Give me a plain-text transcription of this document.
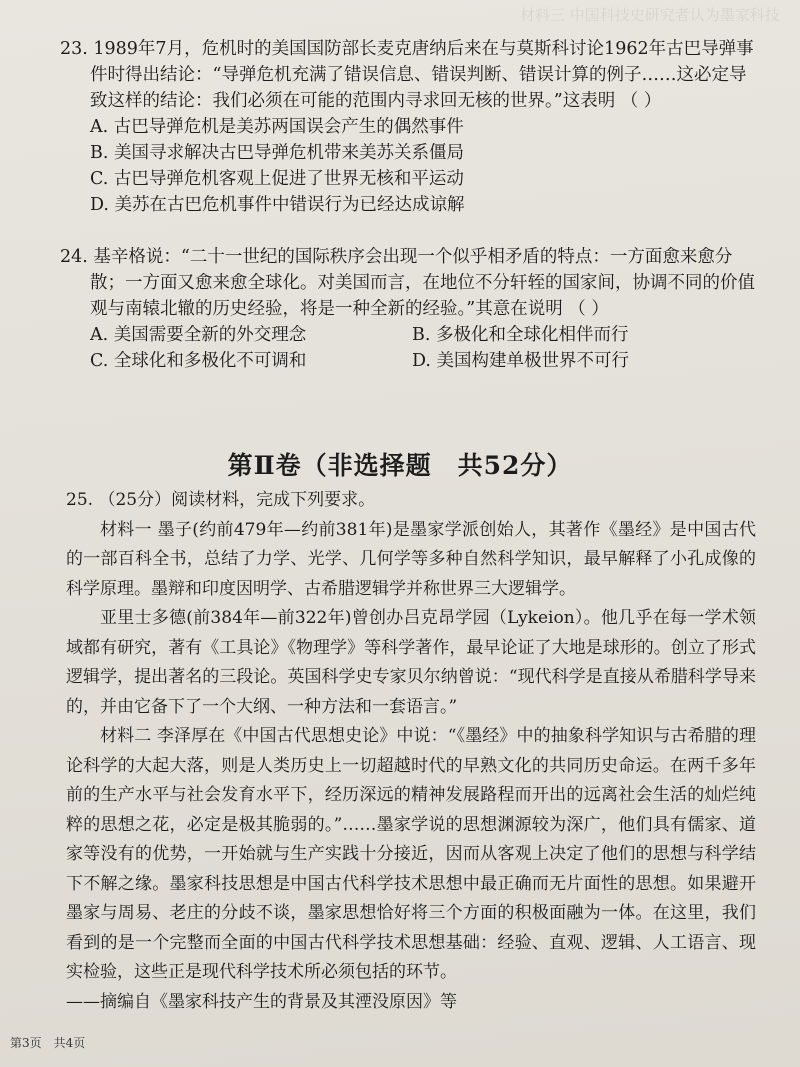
材料三 中国科技史研究者认为墨家科技
23. 1989年7月，危机时的美国国防部长麦克唐纳后来在与莫斯科讨论1962年古巴导弹事件时得出结论：“导弹危机充满了错误信息、错误判断、错误计算的例子……这必定导致这样的结论：我们必须在可能的范围内寻求回无核的世界。”这表明 （ ）
A. 古巴导弹危机是美苏两国误会产生的偶然事件
B. 美国寻求解决古巴导弹危机带来美苏关系僵局
C. 古巴导弹危机客观上促进了世界无核和平运动
D. 美苏在古巴危机事件中错误行为已经达成谅解
24. 基辛格说：“二十一世纪的国际秩序会出现一个似乎相矛盾的特点：一方面愈来愈分散；一方面又愈来愈全球化。对美国而言，在地位不分轩轾的国家间，协调不同的价值观与南辕北辙的历史经验，将是一种全新的经验。”其意在说明 （ ）
A. 美国需要全新的外交理念	B. 多极化和全球化相伴而行
C. 全球化和多极化不可调和	D. 美国构建单极世界不可行
第Ⅱ卷（非选择题　共52分）

25. （25分）阅读材料，完成下列要求。

材料一 墨子(约前479年—约前381年)是墨家学派创始人，其著作《墨经》是中国古代的一部百科全书，总结了力学、光学、几何学等多种自然科学知识，最早解释了小孔成像的科学原理。墨辩和印度因明学、古希腊逻辑学并称世界三大逻辑学。

亚里士多德(前384年—前322年)曾创办吕克昂学园（Lykeion）。他几乎在每一学术领域都有研究，著有《工具论》《物理学》等科学著作，最早论证了大地是球形的。创立了形式逻辑学，提出著名的三段论。英国科学史专家贝尔纳曾说：“现代科学是直接从希腊科学导来的，并由它备下了一个大纲、一种方法和一套语言。”

材料二 李泽厚在《中国古代思想史论》中说：“《墨经》中的抽象科学知识与古希腊的理论科学的大起大落，则是人类历史上一切超越时代的早熟文化的共同历史命运。在两千多年前的生产水平与社会发育水平下，经历深远的精神发展路程而开出的远离社会生活的灿烂纯粹的思想之花，必定是极其脆弱的。”……墨家学说的思想渊源较为深广，他们具有儒家、道家等没有的优势，一开始就与生产实践十分接近，因而从客观上决定了他们的思想与科学结下不解之缘。墨家科技思想是中国古代科学技术思想中最正确而无片面性的思想。如果避开墨家与周易、老庄的分歧不谈，墨家思想恰好将三个方面的积极面融为一体。在这里，我们看到的是一个完整而全面的中国古代科学技术思想基础：经验、直观、逻辑、人工语言、现实检验，这些正是现代科学技术所必须包括的环节。

——摘编自《墨家科技产生的背景及其湮没原因》等

第3页　共4页
